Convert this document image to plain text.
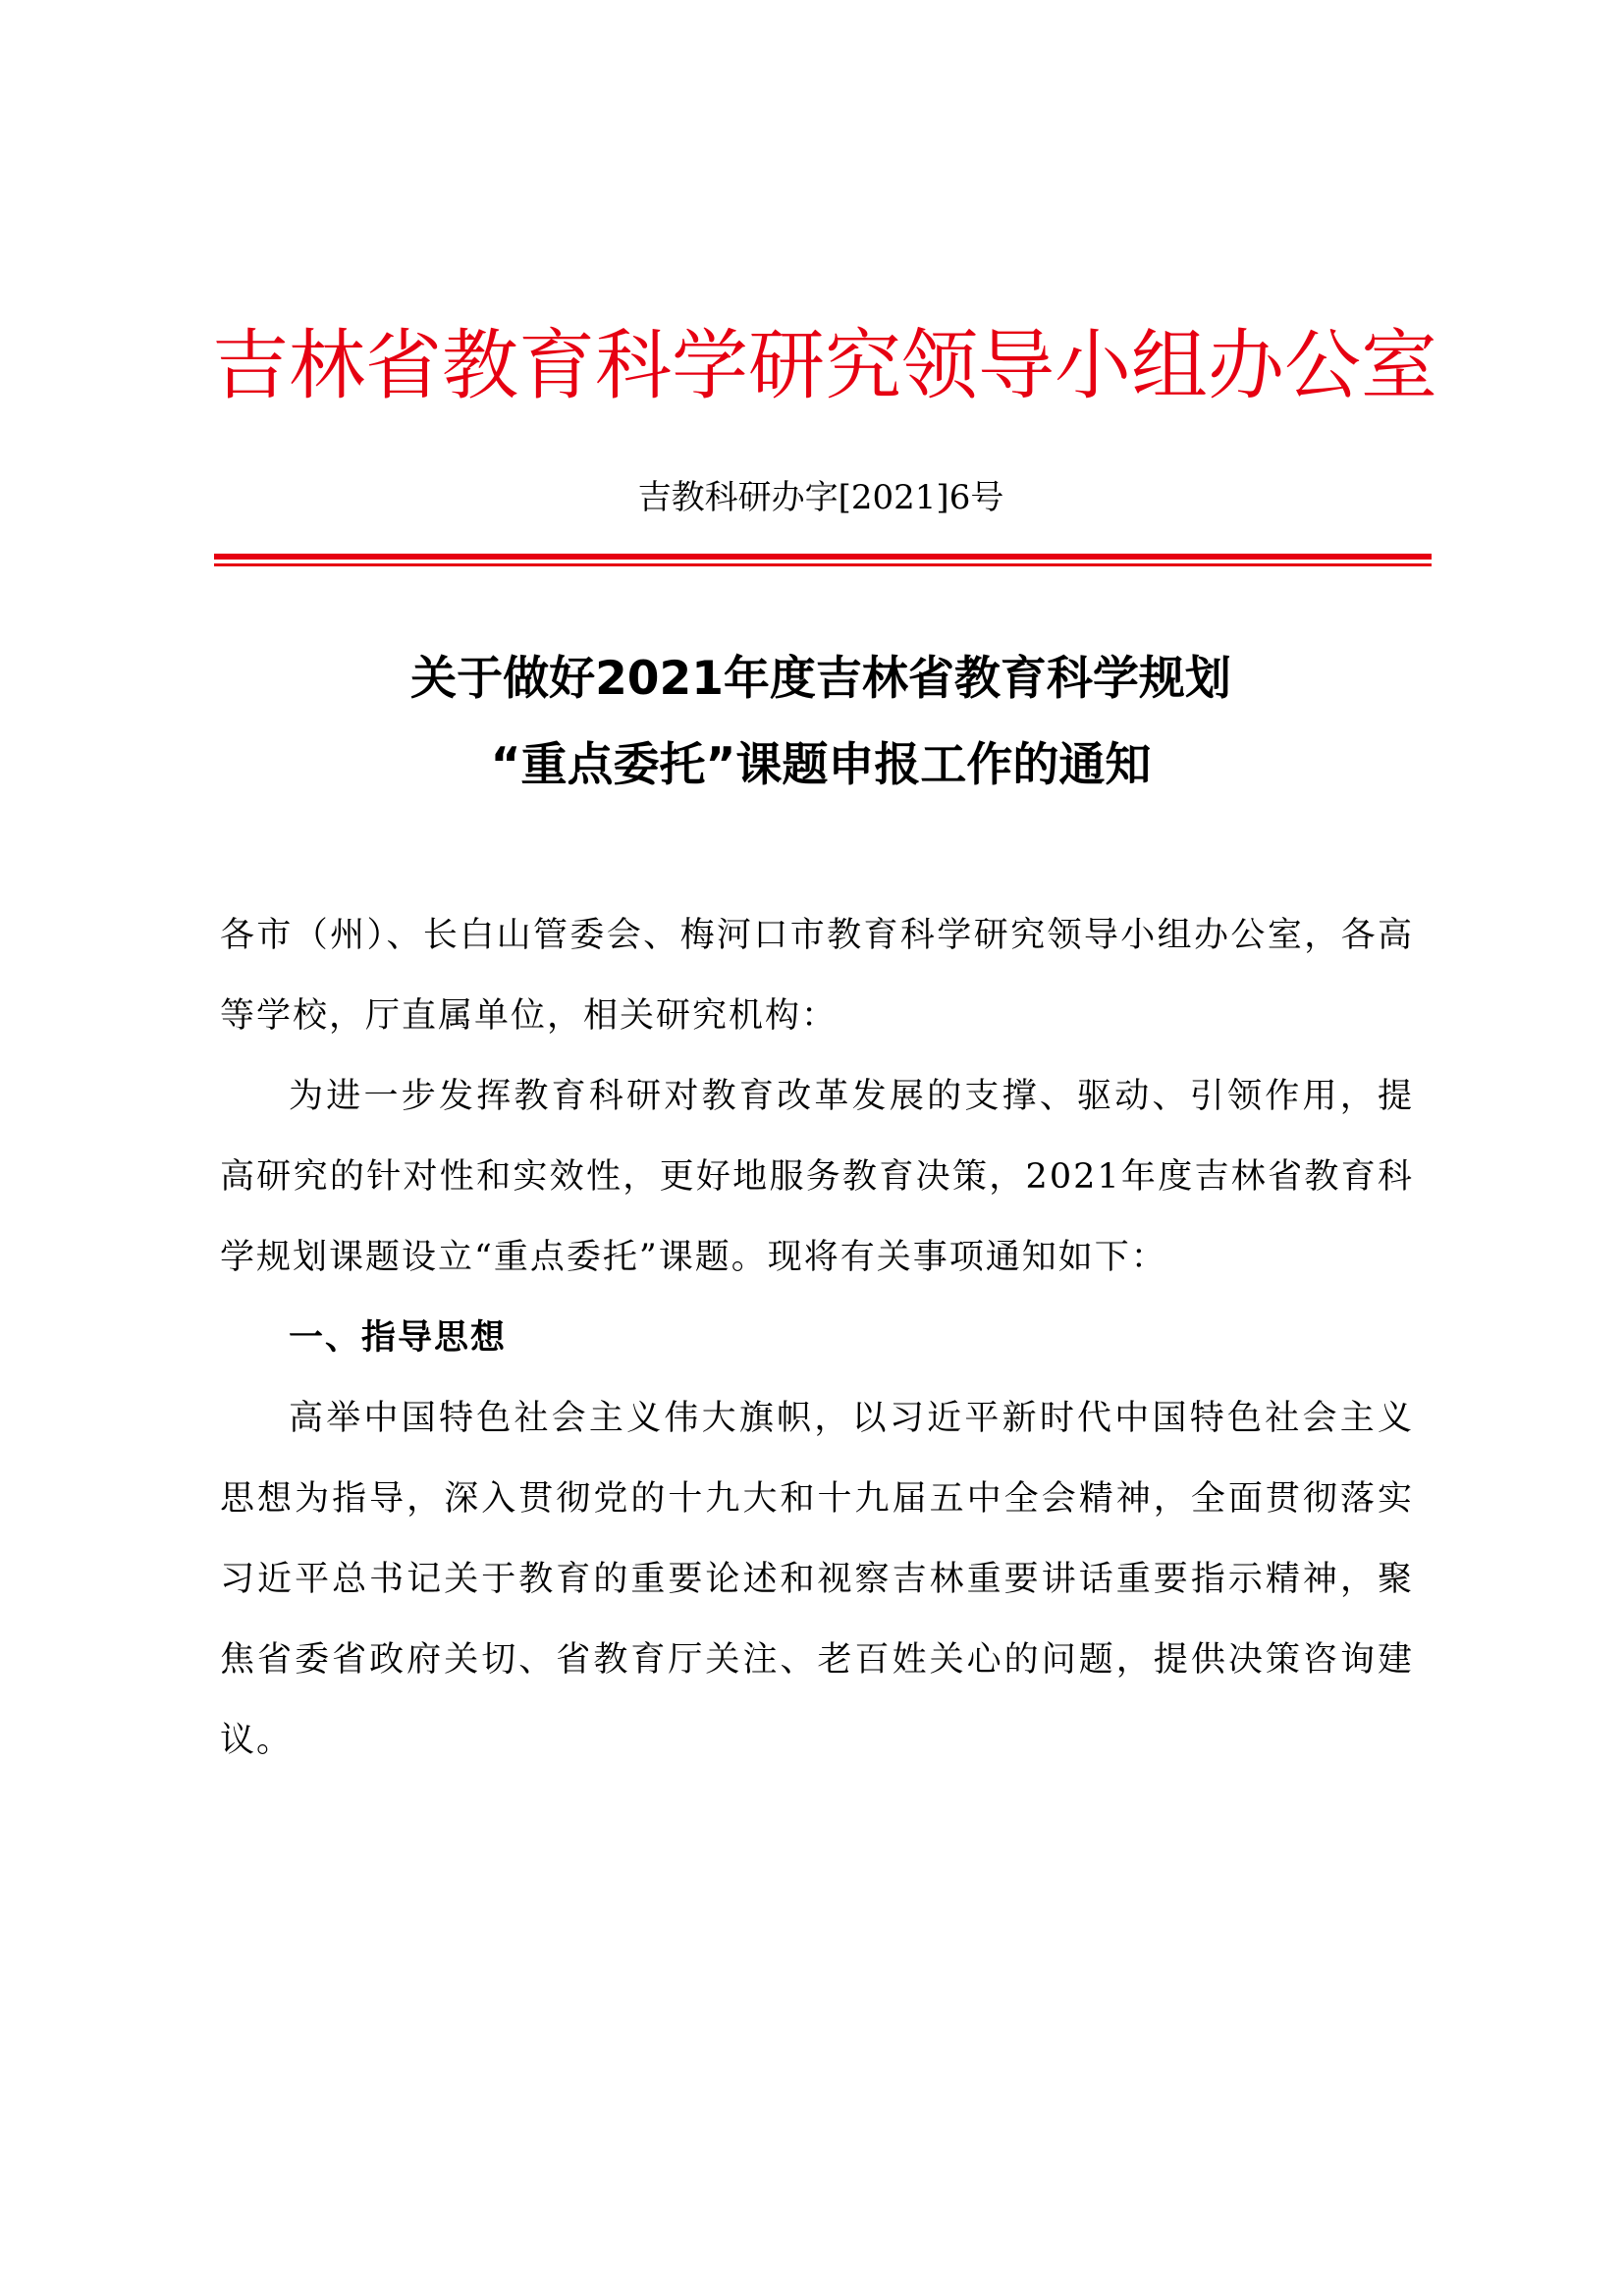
吉林省教育科学研究领导小组办公室
吉教科研办字[2021]6号
关于做好2021年度吉林省教育科学规划
“重点委托”课题申报工作的通知

各市（州）、长白山管委会、梅河口市教育科学研究领导小组办公室，各高等学校，厅直属单位，相关研究机构：

为进一步发挥教育科研对教育改革发展的支撑、驱动、引领作用，提高研究的针对性和实效性，更好地服务教育决策，2021年度吉林省教育科学规划课题设立“重点委托”课题。现将有关事项通知如下：

一、指导思想

高举中国特色社会主义伟大旗帜，以习近平新时代中国特色社会主义思想为指导，深入贯彻党的十九大和十九届五中全会精神，全面贯彻落实习近平总书记关于教育的重要论述和视察吉林重要讲话重要指示精神，聚焦省委省政府关切、省教育厅关注、老百姓关心的问题，提供决策咨询建议。
